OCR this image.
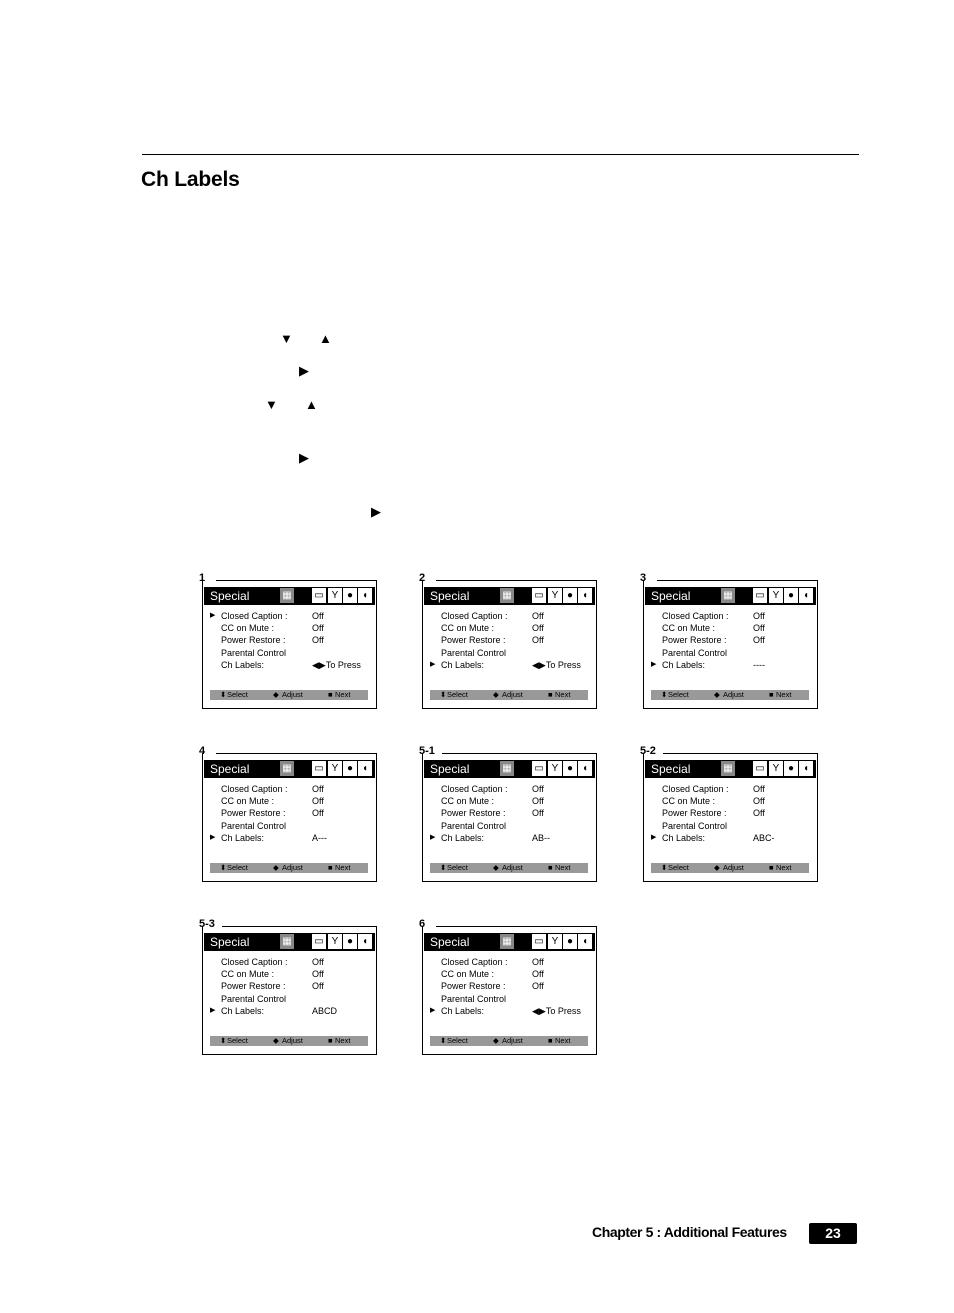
Ch Labels
▼ ▲
▶
▼ ▲
▶
▶
1
Special	▦ ▭ Y ● ◖
▶ Closed Caption :	Off
CC on Mute :	Off
Power Restore :	Off
Parental Control
Ch Labels:	◀▶To Press
⬍ Select	◆ Adjust	■ Next
2
Special	▦ ▭ Y ● ◖
Closed Caption :	Off
CC on Mute :	Off
Power Restore :	Off
Parental Control
▶ Ch Labels:	◀▶To Press
⬍ Select	◆ Adjust	■ Next
3
Special	▦ ▭ Y ● ◖
Closed Caption :	Off
CC on Mute :	Off
Power Restore :	Off
Parental Control
▶ Ch Labels:	----
⬍ Select	◆ Adjust	■ Next
4
Special	▦ ▭ Y ● ◖
Closed Caption :	Off
CC on Mute :	Off
Power Restore :	Off
Parental Control
▶ Ch Labels:	A---
⬍ Select	◆ Adjust	■ Next
5-1
Special	▦ ▭ Y ● ◖
Closed Caption :	Off
CC on Mute :	Off
Power Restore :	Off
Parental Control
▶ Ch Labels:	AB--
⬍ Select	◆ Adjust	■ Next
5-2
Special	▦ ▭ Y ● ◖
Closed Caption :	Off
CC on Mute :	Off
Power Restore :	Off
Parental Control
▶ Ch Labels:	ABC-
⬍ Select	◆ Adjust	■ Next
5-3
Special	▦ ▭ Y ● ◖
Closed Caption :	Off
CC on Mute :	Off
Power Restore :	Off
Parental Control
▶ Ch Labels:	ABCD
⬍ Select	◆ Adjust	■ Next
6
Special	▦ ▭ Y ● ◖
Closed Caption :	Off
CC on Mute :	Off
Power Restore :	Off
Parental Control
▶ Ch Labels:	◀▶To Press
⬍ Select	◆ Adjust	■ Next
Chapter 5 : Additional Features	23
